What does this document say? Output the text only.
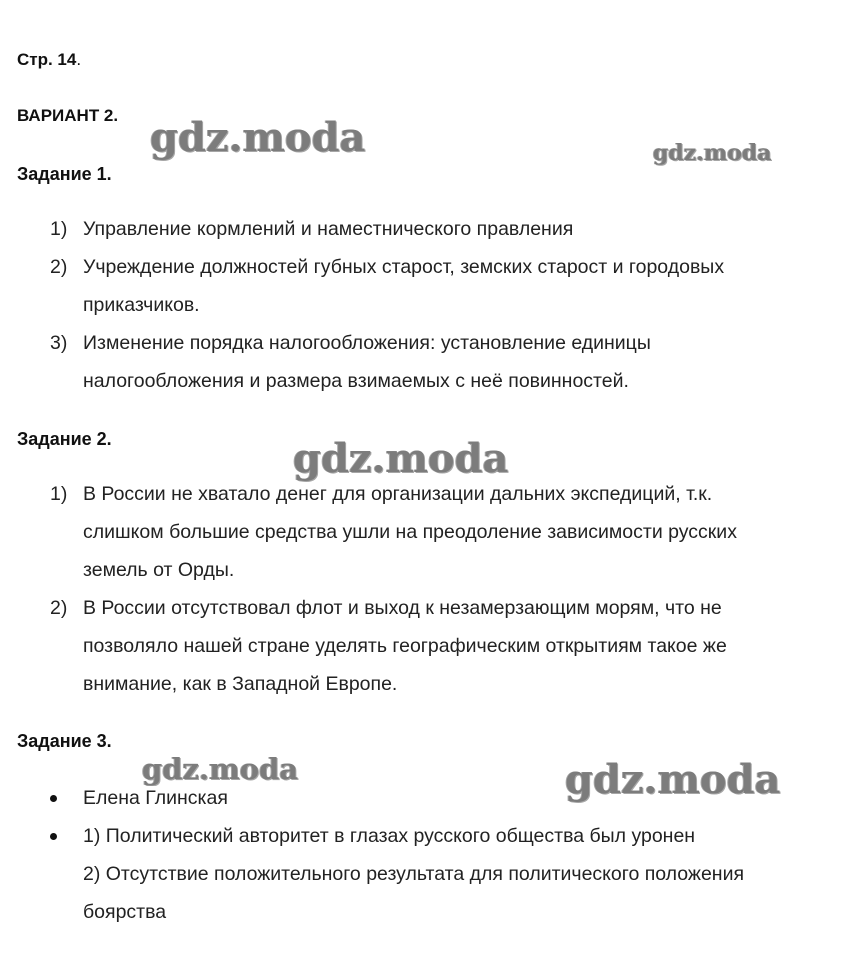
Стр. 14.
ВАРИАНТ 2. gdz.moda	gdz.moda
Задание 1.
1) Управление кормлений и наместнического правления
2) Учреждение должностей губных старост, земских старост и городовых
приказчиков.
3) Изменение порядка налогообложения: установление единицы
налогообложения и размера взимаемых с неё повинностей.
Задание 2.	gdz.moda
1) В России не хватало денег для организации дальних экспедиций, т.к.
слишком большие средства ушли на преодоление зависимости русских
земель от Орды.
2) В России отсутствовал флот и выход к незамерзающим морям, что не
позволяло нашей стране уделять географическим открытиям такое же
внимание, как в Западной Европе.
Задание 3.
gdz.moda	gdz.moda
Елена Глинская
1) Политический авторитет в глазах русского общества был уронен
2) Отсутствие положительного результата для политического положения
боярства
